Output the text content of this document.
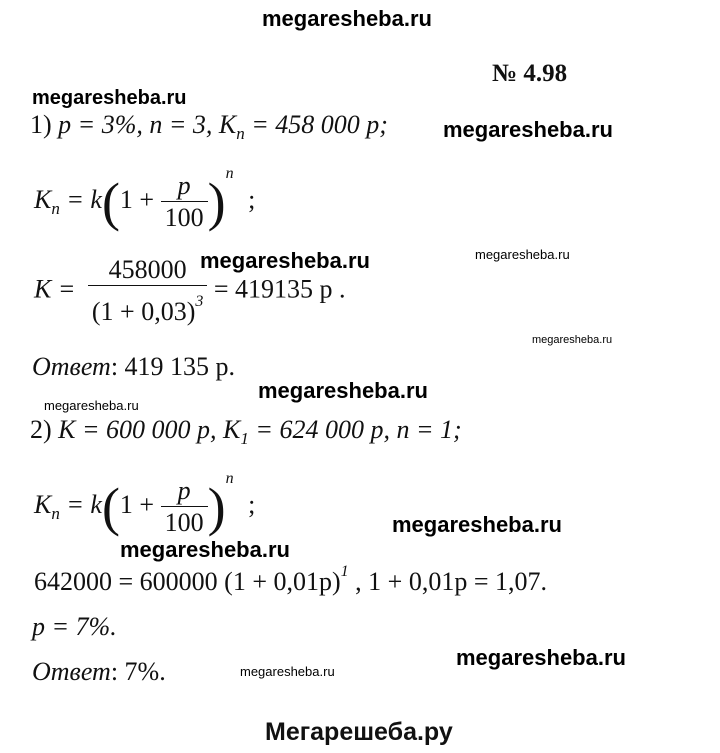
megaresheba.ru
megaresheba.ru
megaresheba.ru
megaresheba.ru	megaresheba.ru
megaresheba.ru
megaresheba.ru
megaresheba.ru
megaresheba.ru
megaresheba.ru
megaresheba.ru
megaresheba.ru
№ 4.98
1) p = 3%, n = 3, $K_n = 458$ 000 p;
$K_n = k(1 + \frac{p}{100} )^n$ ;
$K = \frac{458000}{(1 + 0,03)^3} = 419135$ p .
Ответ: 419 135 р.
2) K = 600 000 р, $K_1 = 624$ 000 р, n = 1;
$K_n = k(1 + \frac{p}{100} )^n$ ;
642000 = 600000 $(1 + 0,01p)^1$ , 1 + 0,01p = 1,07.
p = 7%.
Ответ: 7%.
Мегарешеба.ру
